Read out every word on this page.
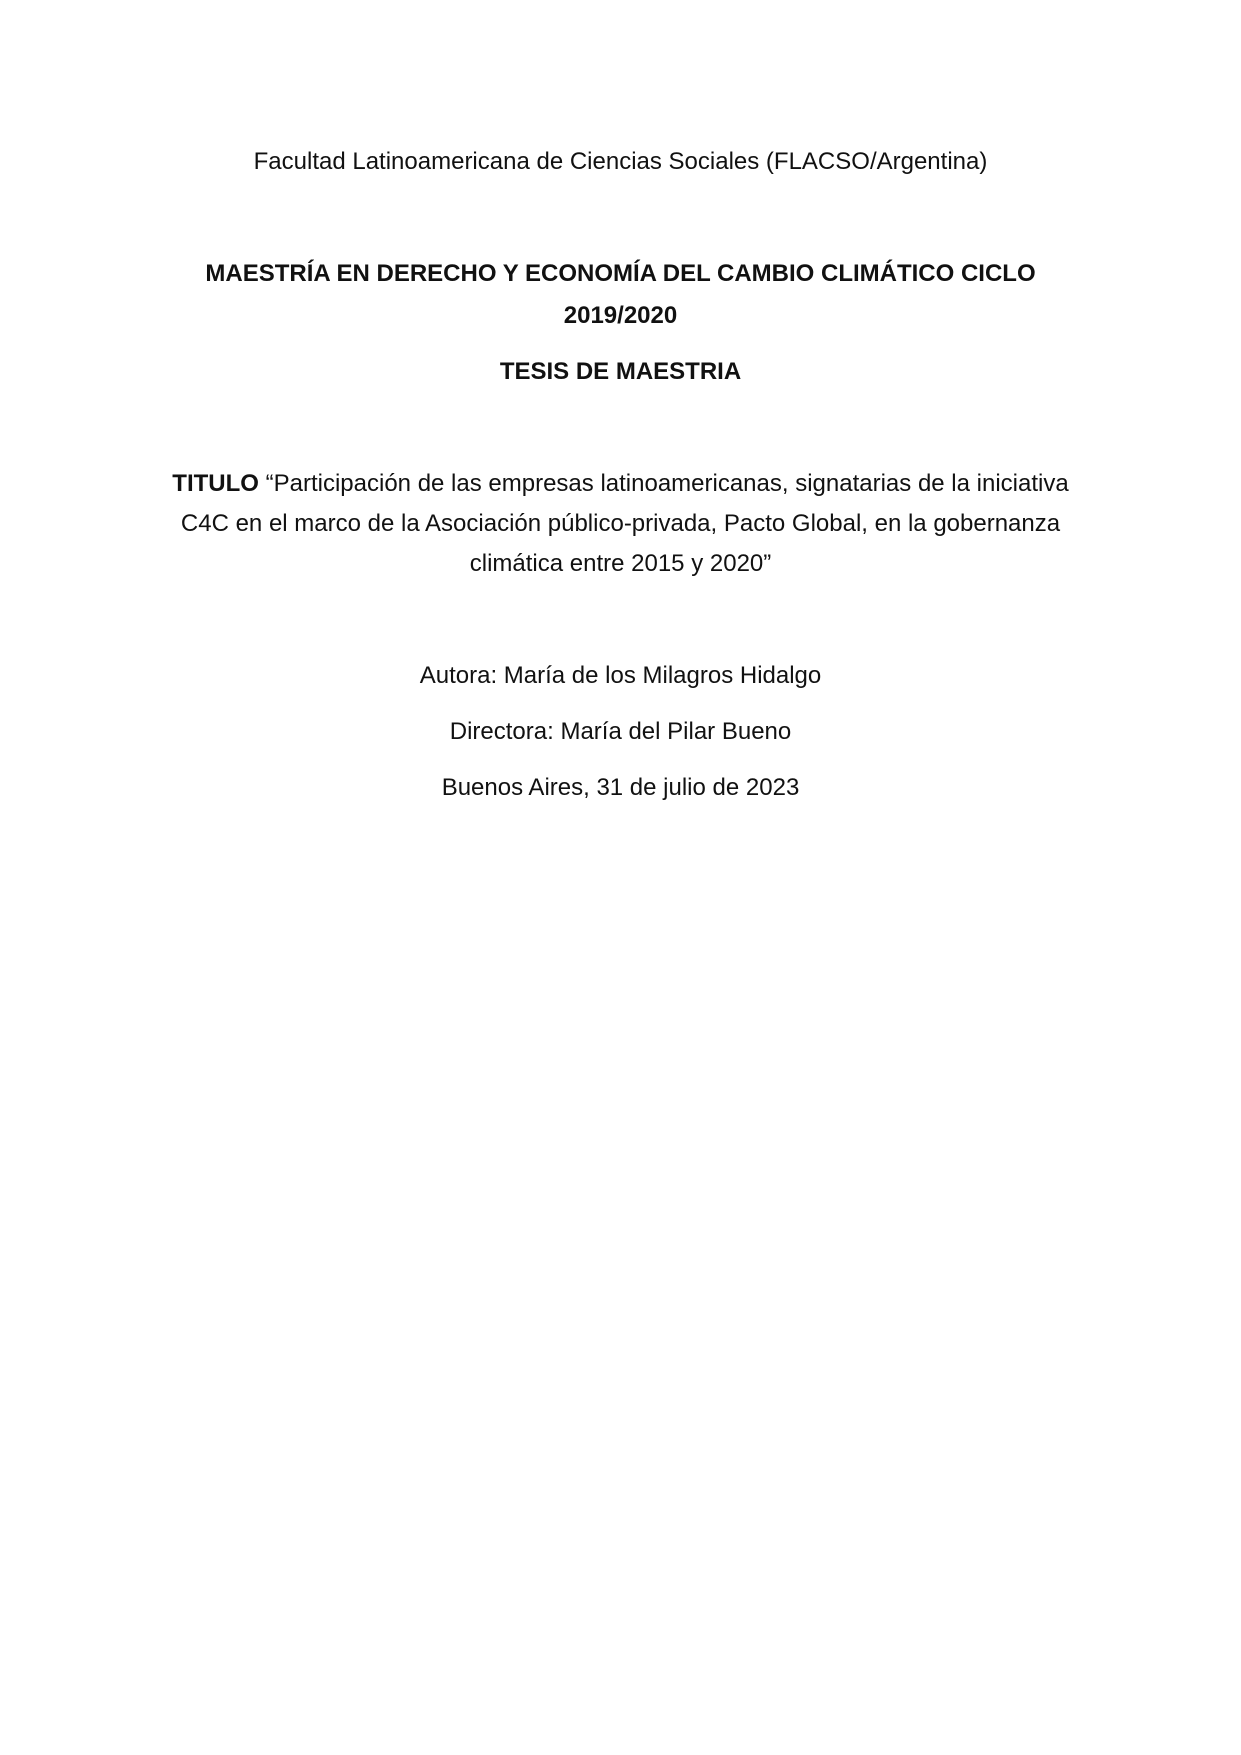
Facultad Latinoamericana de Ciencias Sociales (FLACSO/Argentina)
MAESTRÍA EN DERECHO Y ECONOMÍA DEL CAMBIO CLIMÁTICO CICLO
2019/2020
TESIS DE MAESTRIA
TITULO “Participación de las empresas latinoamericanas, signatarias de la iniciativa C4C en el marco de la Asociación público-privada, Pacto Global, en la gobernanza climática entre 2015 y 2020”
Autora: María de los Milagros Hidalgo
Directora: María del Pilar Bueno
Buenos Aires, 31 de julio de 2023
